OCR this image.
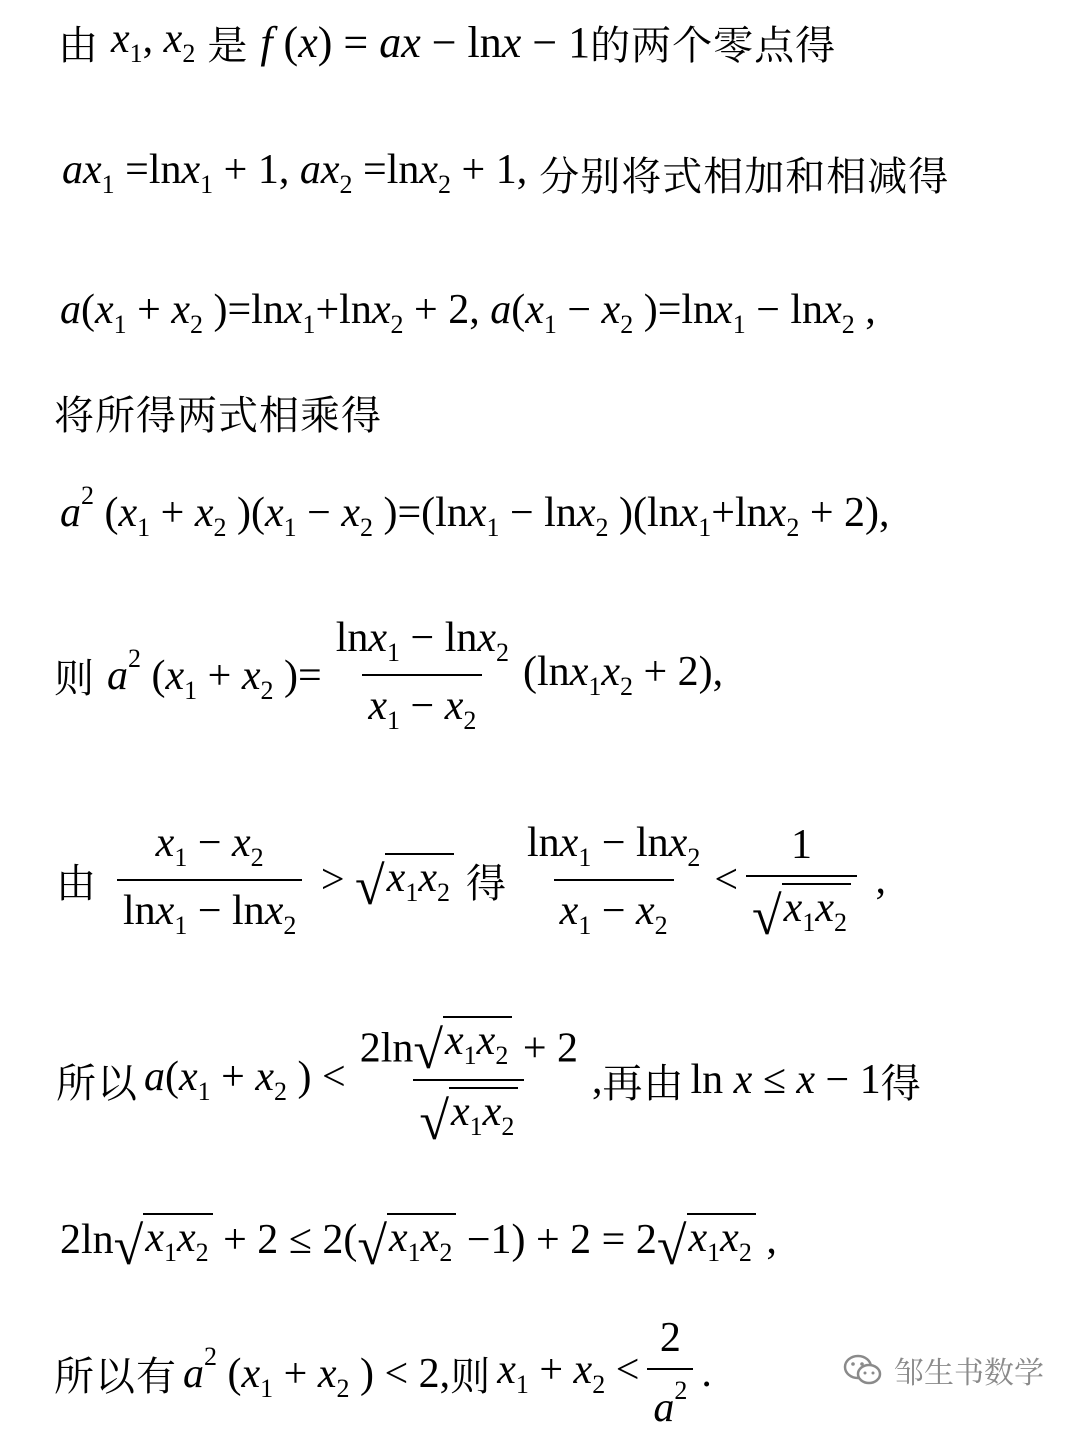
由 $x_1$, $x_2$ 是 f (x) = ax − lnx − 1 的两个零点得
$ax_1 =\ln x_1 + 1$, $ax_2 =\ln x_2 + 1$, 分别将式相加和相减得
$a(x_1 + x_2$ )=lnx$_1$+lnx$_2$ + 2, $a(x_1 - x_2$ )=lnx$_1$ − lnx$_2$ ,
将所得两式相乘得
$a^2$ ($x_1 + x_2$ )($x_1 - x_2$ )=(lnx$_1$ − lnx$_2$ )(lnx$_1$+lnx$_2$ + 2),
则 $a^2$ ($x_1 + x_2$ )= $\frac{\ln x_1 - \ln x_2}{x_1 - x_2} (\ln x_1x_2 + 2)$,
由 $\frac{x_1 - x_2}{\ln x_1 - \ln x_2}$ > √ $x_1x_2$ 得 $\frac{\ln x_1 - \ln x_2}{x_1 - x_2} < \frac{1}{√ x_1x_2}$ ,
所以 $a(x_1 + x_2$ ) < $\frac{2\ln √ x_1x_2 + 2}{√ x_1x_2}$ , 再由 ln x ≤ x − 1 得
2ln √ $x_1x_2 + 2 \le 2$( √ $x_1x_2 -1) + 2 = 2$ √ $x_1x_2$ ,
所以有 $a^2$ ($x_1 + x_2$ ) < 2, 则 $x_1 + x_2 < \frac{2}{a^2}$ .	邹生书数学
